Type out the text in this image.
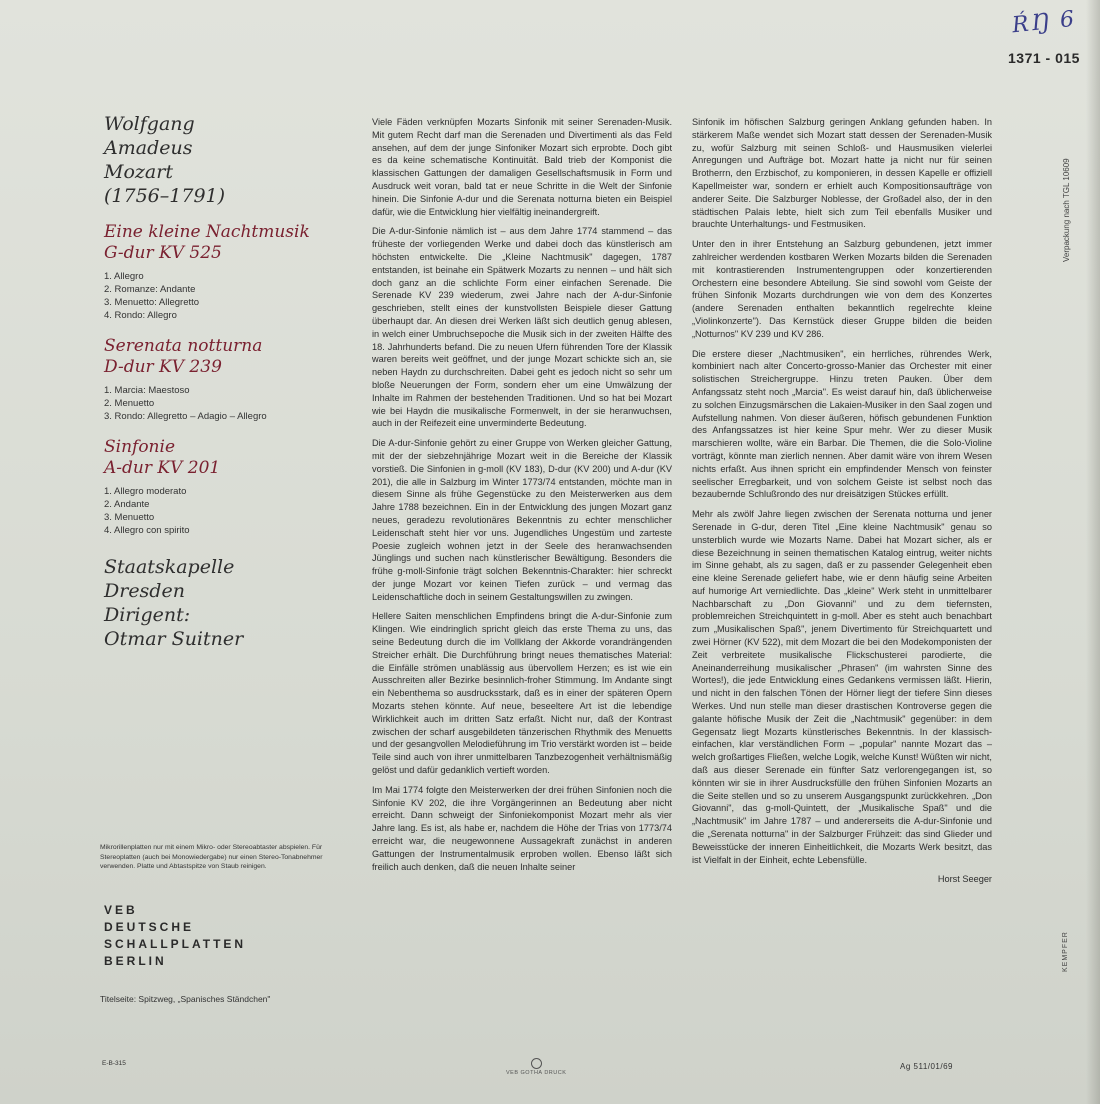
ŔŊ 6
1371 - 015
Verpackung nach TGL 10609
KEMPFER
Wolfgang
Amadeus
Mozart
(1756–1791)
Eine kleine Nachtmusik
G-dur KV 525
1. Allegro
2. Romanze: Andante
3. Menuetto: Allegretto
4. Rondo: Allegro
Serenata notturna
D-dur KV 239
1. Marcia: Maestoso
2. Menuetto
3. Rondo: Allegretto – Adagio – Allegro
Sinfonie
A-dur KV 201
1. Allegro moderato
2. Andante
3. Menuetto
4. Allegro con spirito
Staatskapelle
Dresden
Dirigent:
Otmar Suitner
Mikrorillenplatten nur mit einem Mikro- oder Stereoabtaster abspielen. Für Stereoplatten (auch bei Monowiedergabe) nur einen Stereo-Tonabnehmer verwenden. Platte und Abtastspitze von Staub reinigen.
VEB
DEUTSCHE
SCHALLPLATTEN
BERLIN
Titelseite: Spitzweg, „Spanisches Ständchen"
E-B-315
VEB GOTHA DRUCK
Ag 511/01/69

Viele Fäden verknüpfen Mozarts Sinfonik mit seiner Serenaden-Musik. Mit gutem Recht darf man die Serenaden und Divertimenti als das Feld ansehen, auf dem der junge Sinfoniker Mozart sich erprobte. Doch gibt es da keine schematische Kontinuität. Bald trieb der Komponist die klassischen Gattungen der damaligen Gesellschaftsmusik in Form und Ausdruck weit voran, bald tat er neue Schritte in die Welt der Sinfonie hinein. Die Sinfonie A-dur und die Serenata notturna bieten ein Beispiel dafür, wie die Entwicklung hier vielfältig ineinandergreift.

Die A-dur-Sinfonie nämlich ist – aus dem Jahre 1774 stammend – das früheste der vorliegenden Werke und dabei doch das künstlerisch am höchsten entwickelte. Die „Kleine Nachtmusik" dagegen, 1787 entstanden, ist beinahe ein Spätwerk Mozarts zu nennen – und hält sich doch ganz an die schlichte Form einer einfachen Serenade. Die Serenade KV 239 wiederum, zwei Jahre nach der A-dur-Sinfonie geschrieben, stellt eines der kunstvollsten Beispiele dieser Gattung überhaupt dar. An diesen drei Werken läßt sich deutlich genug ablesen, in welch einer Umbruchsepoche die Musik sich in der zweiten Hälfte des 18. Jahrhunderts befand. Die zu neuen Ufern führenden Tore der Klassik waren bereits weit geöffnet, und der junge Mozart schickte sich an, sie neben Haydn zu durchschreiten. Dabei geht es jedoch nicht so sehr um bloße Neuerungen der Form, sondern eher um eine Umwälzung der Inhalte im Rahmen der bestehenden Traditionen. Und so hat bei Mozart wie bei Haydn die musikalische Formenwelt, in der sie heranwuchsen, auch in der Reifezeit eine unverminderte Bedeutung.

Die A-dur-Sinfonie gehört zu einer Gruppe von Werken gleicher Gattung, mit der der siebzehnjährige Mozart weit in die Bereiche der Klassik vorstieß. Die Sinfonien in g-moll (KV 183), D-dur (KV 200) und A-dur (KV 201), die alle in Salzburg im Winter 1773/74 entstanden, möchte man in diesem Sinne als frühe Gegenstücke zu den Meisterwerken aus dem Jahre 1788 bezeichnen. Ein in der Entwicklung des jungen Mozart ganz neues, geradezu revolutionäres Bekenntnis zu echter menschlicher Leidenschaft steht hier vor uns. Jugendliches Ungestüm und zarteste Poesie zugleich wohnen jetzt in der Seele des heranwachsenden Jünglings und suchen nach künstlerischer Bewältigung. Besonders die frühe g-moll-Sinfonie trägt solchen Bekenntnis-Charakter: hier schreckt der junge Mozart vor keinen Tiefen zurück – und vermag das Leidenschaftliche doch in seinem Gestaltungswillen zu zwingen.

Hellere Saiten menschlichen Empfindens bringt die A-dur-Sinfonie zum Klingen. Wie eindringlich spricht gleich das erste Thema zu uns, das seine Bedeutung durch die im Vollklang der Akkorde vorandrängenden Streicher erhält. Die Durchführung bringt neues thematisches Material: die Einfälle strömen unablässig aus übervollem Herzen; es ist wie ein Ausschreiten aller Bezirke besinnlich-froher Stimmung. Im Andante singt ein Nebenthema so ausdrucksstark, daß es in einer der späteren Opern Mozarts stehen könnte. Auf neue, beseeltere Art ist die lebendige Wirklichkeit auch im dritten Satz erfaßt. Nicht nur, daß der Kontrast zwischen der scharf ausgebildeten tänzerischen Rhythmik des Menuetts und der gesangvollen Melodieführung im Trio verstärkt worden ist – beide Teile sind auch von ihrer unmittelbaren Tanzbezogenheit verhältnismäßig gelöst und dafür gedanklich vertieft worden.

Im Mai 1774 folgte den Meisterwerken der drei frühen Sinfonien noch die Sinfonie KV 202, die ihre Vorgängerinnen an Bedeutung aber nicht erreicht. Dann schweigt der Sinfoniekomponist Mozart mehr als vier Jahre lang. Es ist, als habe er, nachdem die Höhe der Trias von 1773/74 erreicht war, die neugewonnene Aussagekraft zunächst in anderen Gattungen der Instrumentalmusik erproben wollen. Ebenso läßt sich freilich auch denken, daß die neuen Inhalte seiner

Sinfonik im höfischen Salzburg geringen Anklang gefunden haben. In stärkerem Maße wendet sich Mozart statt dessen der Serenaden-Musik zu, wofür Salzburg mit seinen Schloß- und Hausmusiken vielerlei Anregungen und Aufträge bot. Mozart hatte ja nicht nur für seinen Brotherrn, den Erzbischof, zu komponieren, in dessen Kapelle er offiziell Kapellmeister war, sondern er erhielt auch Kompositionsaufträge von anderer Seite. Die Salzburger Noblesse, der Großadel also, der in den städtischen Palais lebte, hielt sich zum Teil ebenfalls Musiker und brauchte Unterhaltungs- und Festmusiken.

Unter den in ihrer Entstehung an Salzburg gebundenen, jetzt immer zahlreicher werdenden kostbaren Werken Mozarts bilden die Serenaden mit kontrastierenden Instrumentengruppen oder konzertierenden Orchestern eine besondere Abteilung. Sie sind sowohl vom Geiste der frühen Sinfonik Mozarts durchdrungen wie von dem des Konzertes (andere Serenaden enthalten bekanntlich regelrechte kleine „Violinkonzerte"). Das Kernstück dieser Gruppe bilden die beiden „Notturnos" KV 239 und KV 286.

Die erstere dieser „Nachtmusiken", ein herrliches, rührendes Werk, kombiniert nach alter Concerto-grosso-Manier das Orchester mit einer solistischen Streichergruppe. Hinzu treten Pauken. Über dem Anfangssatz steht noch „Marcia". Es weist darauf hin, daß üblicherweise zu solchen Einzugsmärschen die Lakaien-Musiker in den Saal zogen und Aufstellung nahmen. Von dieser äußeren, höfisch gebundenen Funktion des Anfangssatzes ist hier keine Spur mehr. Wer zu dieser Musik marschieren wollte, wäre ein Barbar. Die Themen, die die Solo-Violine vorträgt, könnte man zierlich nennen. Aber damit wäre von ihrem Wesen nichts erfaßt. Aus ihnen spricht ein empfindender Mensch von feinster seelischer Erregbarkeit, und von solchem Geiste ist selbst noch das bezaubernde Schlußrondo des nur dreisätzigen Stückes erfüllt.

Mehr als zwölf Jahre liegen zwischen der Serenata notturna und jener Serenade in G-dur, deren Titel „Eine kleine Nachtmusik" genau so unsterblich wurde wie Mozarts Name. Dabei hat Mozart sicher, als er diese Bezeichnung in seinen thematischen Katalog eintrug, weiter nichts im Sinne gehabt, als zu sagen, daß er zu passender Gelegenheit eben eine kleine Serenade geliefert habe, wie er denn häufig seine Arbeiten auf humorige Art verniedlichte. Das „kleine" Werk steht in unmittelbarer Nachbarschaft zu „Don Giovanni" und zu dem tiefernsten, problemreichen Streichquintett in g-moll. Aber es steht auch benachbart zum „Musikalischen Spaß", jenem Divertimento für Streichquartett und zwei Hörner (KV 522), mit dem Mozart die bei den Modekomponisten der Zeit verbreitete musikalische Flickschusterei parodierte, die Aneinanderreihung musikalischer „Phrasen" (im wahrsten Sinne des Wortes!), die jede Entwicklung eines Gedankens vermissen läßt. Hierin, und nicht in den falschen Tönen der Hörner liegt der tiefere Sinn dieses Werkes. Und nun stelle man dieser drastischen Kontroverse gegen die galante höfische Musik der Zeit die „Nachtmusik" gegenüber: in dem Gegensatz liegt Mozarts künstlerisches Bekenntnis. In der klassisch-einfachen, klar verständlichen Form – „popular" nannte Mozart das – welch großartiges Fließen, welche Logik, welche Kunst! Wüßten wir nicht, daß aus dieser Serenade ein fünfter Satz verlorengegangen ist, so könnten wir sie in ihrer Ausdrucksfülle den frühen Sinfonien Mozarts an die Seite stellen und so zu unserem Ausgangspunkt zurückkehren. „Don Giovanni", das g-moll-Quintett, der „Musikalische Spaß" und die „Nachtmusik" im Jahre 1787 – und andererseits die A-dur-Sinfonie und die „Serenata notturna" in der Salzburger Frühzeit: das sind Glieder und Beweisstücke der inneren Einheitlichkeit, die Mozarts Werk besitzt, das ist Vielfalt in der Einheit, echte Lebensfülle.

Horst Seeger
